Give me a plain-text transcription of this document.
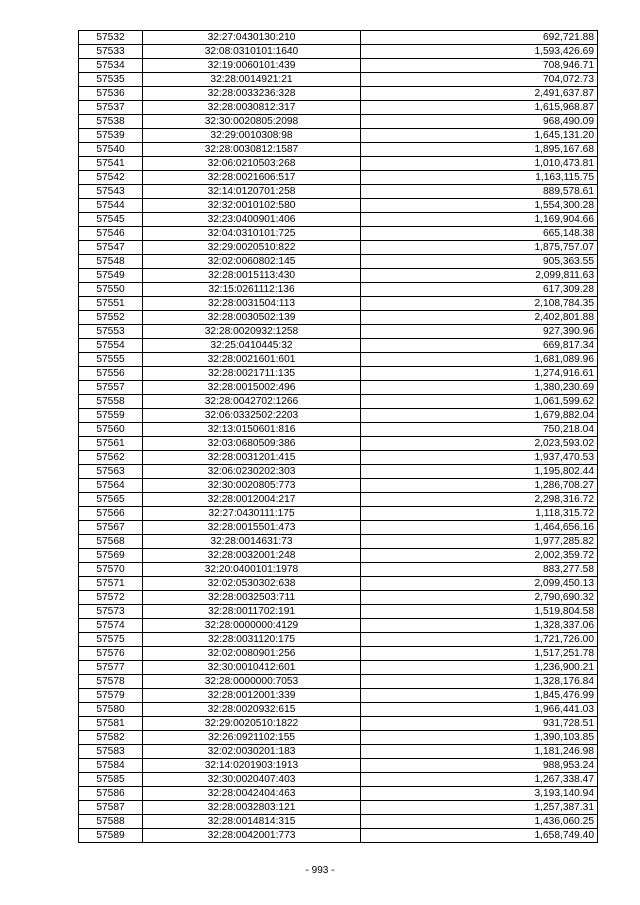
57532	32:27:0430130:210	692,721.88
57533	32:08:0310101:1640	1,593,426.69
57534	32:19:0060101:439	708,946.71
57535	32:28:0014921:21	704,072.73
57536	32:28:0033236:328	2,491,637.87
57537	32:28:0030812:317	1,615,968.87
57538	32:30:0020805:2098	968,490.09
57539	32:29:0010308:98	1,645,131.20
57540	32:28:0030812:1587	1,895,167.68
57541	32:06:0210503:268	1,010,473.81
57542	32:28:0021606:517	1,163,115.75
57543	32:14:0120701:258	889,578.61
57544	32:32:0010102:580	1,554,300.28
57545	32:23:0400901:406	1,169,904.66
57546	32:04:0310101:725	665,148.38
57547	32:29:0020510:822	1,875,757.07
57548	32:02:0060802:145	905,363.55
57549	32:28:0015113:430	2,099,811.63
57550	32:15:0261112:136	617,309.28
57551	32:28:0031504:113	2,108,784.35
57552	32:28:0030502:139	2,402,801.88
57553	32:28:0020932:1258	927,390.96
57554	32:25:0410445:32	669,817.34
57555	32:28:0021601:601	1,681,089.96
57556	32:28:0021711:135	1,274,916.61
57557	32:28:0015002:496	1,380,230.69
57558	32:28:0042702:1266	1,061,599.62
57559	32:06:0332502:2203	1,679,882.04
57560	32:13:0150601:816	750,218.04
57561	32:03:0680509:386	2,023,593.02
57562	32:28:0031201:415	1,937,470.53
57563	32:06:0230202:303	1,195,802.44
57564	32:30:0020805:773	1,286,708.27
57565	32:28:0012004:217	2,298,316.72
57566	32:27:0430111:175	1,118,315.72
57567	32:28:0015501:473	1,464,656.16
57568	32:28:0014631:73	1,977,285.82
57569	32:28:0032001:248	2,002,359.72
57570	32:20:0400101:1978	883,277.58
57571	32:02:0530302:638	2,099,450.13
57572	32:28:0032503:711	2,790,690.32
57573	32:28:0011702:191	1,519,804.58
57574	32:28:0000000:4129	1,328,337.06
57575	32:28:0031120:175	1,721,726.00
57576	32:02:0080901:256	1,517,251.78
57577	32:30:0010412:601	1,236,900.21
57578	32:28:0000000:7053	1,328,176.84
57579	32:28:0012001:339	1,845,476.99
57580	32:28:0020932:615	1,966,441.03
57581	32:29:0020510:1822	931,728.51
57582	32:26:0921102:155	1,390,103.85
57583	32:02:0030201:183	1,181,246.98
57584	32:14:0201903:1913	988,953.24
57585	32:30:0020407:403	1,267,338.47
57586	32:28:0042404:463	3,193,140.94
57587	32:28:0032803:121	1,257,387.31
57588	32:28:0014814:315	1,436,060.25
57589	32:28:0042001:773	1,658,749.40
- 993 -
